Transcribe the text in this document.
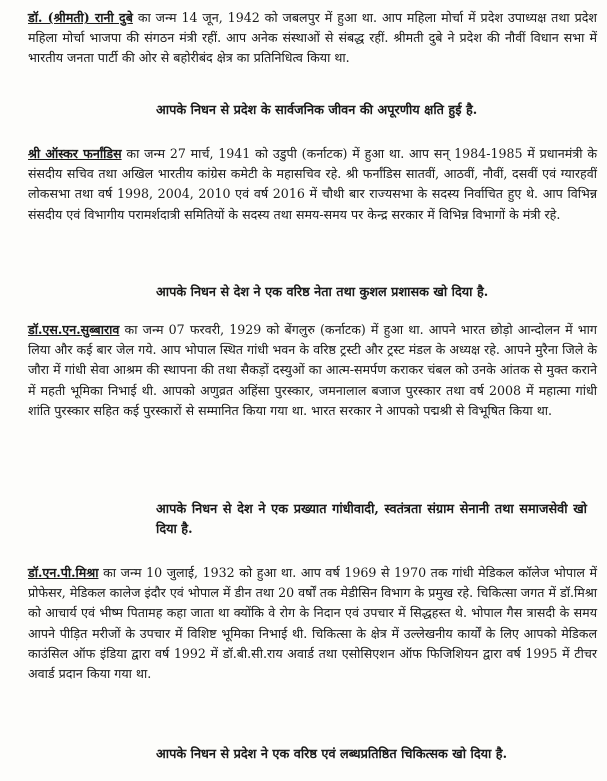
डॉ. (श्रीमती) रानी दुबे का जन्म 14 जून, 1942 को जबलपुर में हुआ था. आप महिला मोर्चा में प्रदेश उपाध्यक्ष तथा प्रदेश महिला मोर्चा भाजपा की संगठन मंत्री रहीं. आप अनेक संस्थाओं से संबद्ध रहीं. श्रीमती दुबे ने प्रदेश की नौवीं विधान सभा में भारतीय जनता पार्टी की ओर से बहोरीबंद क्षेत्र का प्रतिनिधित्व किया था.

आपके निधन से प्रदेश के सार्वजनिक जीवन की अपूरणीय क्षति हुई है.

श्री ऑस्कर फर्नांडिस का जन्म 27 मार्च, 1941 को उडुपी (कर्नाटक) में हुआ था. आप सन् 1984-1985 में प्रधानमंत्री के संसदीय सचिव तथा अखिल भारतीय कांग्रेस कमेटी के महासचिव रहे. श्री फर्नांडिस सातवीं, आठवीं, नौवीं, दसवीं एवं ग्यारहवीं लोकसभा तथा वर्ष 1998, 2004, 2010 एवं वर्ष 2016 में चौथी बार राज्यसभा के सदस्य निर्वाचित हुए थे. आप विभिन्न संसदीय एवं विभागीय परामर्शदात्री समितियों के सदस्य तथा समय-समय पर केन्द्र सरकार में विभिन्न विभागों के मंत्री रहे.

आपके निधन से देश ने एक वरिष्ठ नेता तथा कुशल प्रशासक खो दिया है.

डॉ.एस.एन.सुब्बाराव का जन्म 07 फरवरी, 1929 को बेंगलुरु (कर्नाटक) में हुआ था. आपने भारत छोड़ो आन्दोलन में भाग लिया और कई बार जेल गये. आप भोपाल स्थित गांधी भवन के वरिष्ठ ट्रस्टी और ट्रस्ट मंडल के अध्यक्ष रहे. आपने मुरैना जिले के जौरा में गांधी सेवा आश्रम की स्थापना की तथा सैकड़ों दस्युओं का आत्म-समर्पण कराकर चंबल को उनके आंतक से मुक्त कराने में महती भूमिका निभाई थी. आपको अणुव्रत अहिंसा पुरस्कार, जमनालाल बजाज पुरस्कार तथा वर्ष 2008 में महात्मा गांधी शांति पुरस्कार सहित कई पुरस्कारों से सम्मानित किया गया था. भारत सरकार ने आपको पद्मश्री से विभूषित किया था.

आपके निधन से देश ने एक प्रख्यात गांधीवादी, स्वतंत्रता संग्राम सेनानी तथा समाजसेवी खो दिया है.

डॉ.एन.पी.मिश्रा का जन्म 10 जुलाई, 1932 को हुआ था. आप वर्ष 1969 से 1970 तक गांधी मेडिकल कॉलेज भोपाल में प्रोफेसर, मेडिकल कालेज इंदौर एवं भोपाल में डीन तथा 20 वर्षों तक मेडीसिन विभाग के प्रमुख रहे. चिकित्सा जगत में डॉ.मिश्रा को आचार्य एवं भीष्म पितामह कहा जाता था क्योंकि वे रोग के निदान एवं उपचार में सिद्धहस्त थे. भोपाल गैस त्रासदी के समय आपने पीड़ित मरीजों के उपचार में विशिष्ट भूमिका निभाई थी. चिकित्सा के क्षेत्र में उल्लेखनीय कार्यों के लिए आपको मेडिकल काउंसिल ऑफ इंडिया द्वारा वर्ष 1992 में डॉ.बी.सी.राय अवार्ड तथा एसोसिएशन ऑफ फिजिशियन द्वारा वर्ष 1995 में टीचर अवार्ड प्रदान किया गया था.

आपके निधन से प्रदेश ने एक वरिष्ठ एवं लब्धप्रतिष्ठित चिकित्सक खो दिया है.
